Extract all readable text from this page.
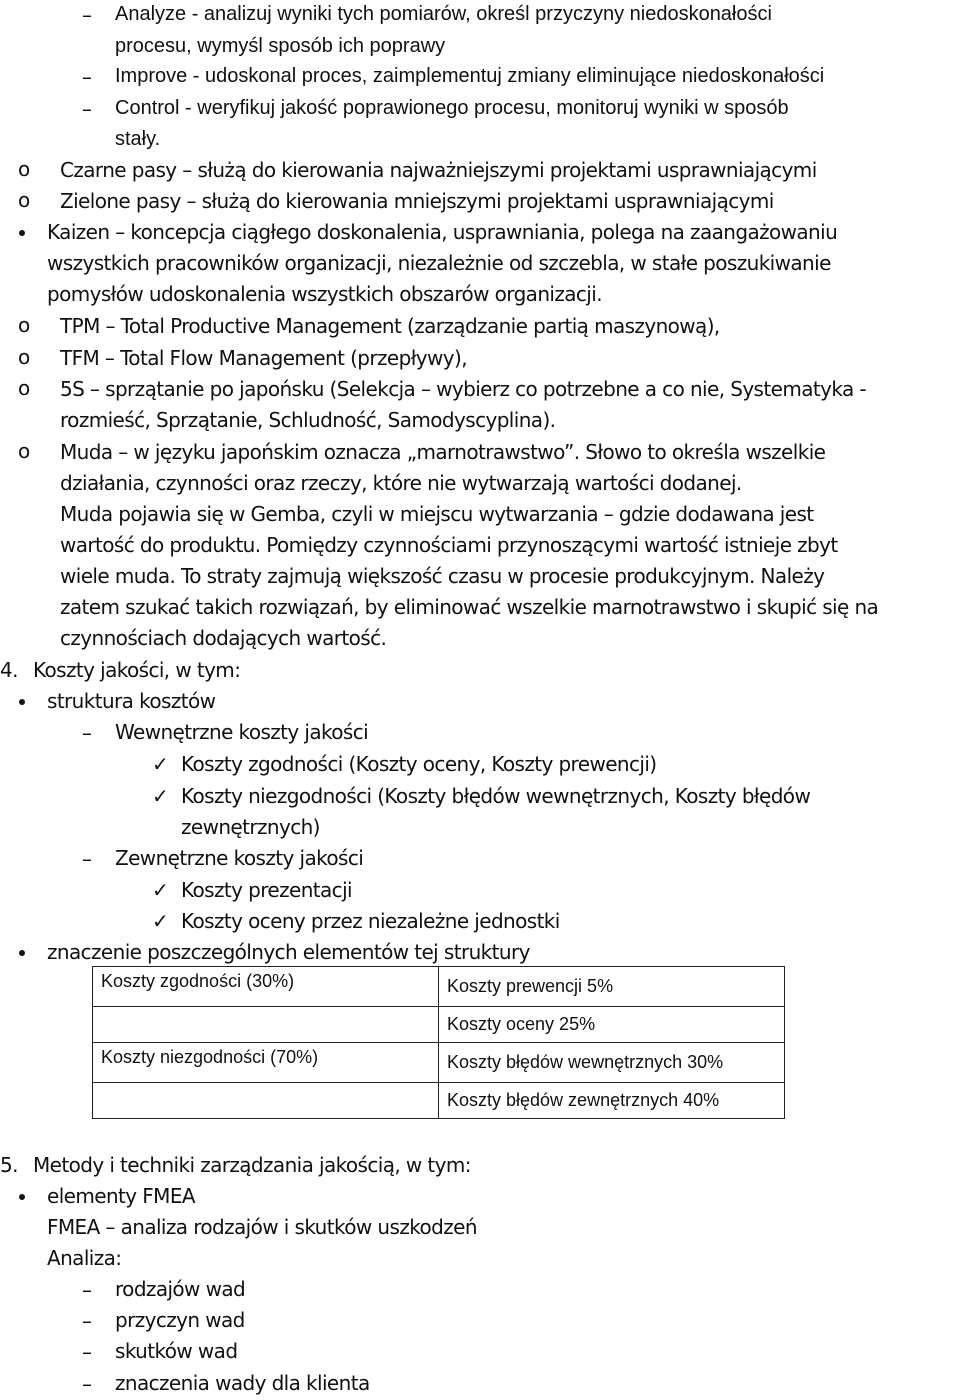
– Analyze - analizuj wyniki tych pomiarów, określ przyczyny niedoskonałości
procesu, wymyśl sposób ich poprawy
– Improve - udoskonal proces, zaimplementuj zmiany eliminujące niedoskonałości
– Control - weryfikuj jakość poprawionego procesu, monitoruj wyniki w sposób
stały.
o Czarne pasy – służą do kierowania najważniejszymi projektami usprawniającymi
o Zielone pasy – służą do kierowania mniejszymi projektami usprawniającymi
Kaizen – koncepcja ciągłego doskonalenia, usprawniania, polega na zaangażowaniu
wszystkich pracowników organizacji, niezależnie od szczebla, w stałe poszukiwanie
pomysłów udoskonalenia wszystkich obszarów organizacji.
o TPM – Total Productive Management (zarządzanie partią maszynową),
o TFM – Total Flow Management (przepływy),
o 5S – sprzątanie po japońsku (Selekcja – wybierz co potrzebne a co nie, Systematyka -
rozmieść, Sprzątanie, Schludność, Samodyscyplina).
o Muda – w języku japońskim oznacza „marnotrawstwo”. Słowo to określa wszelkie
działania, czynności oraz rzeczy, które nie wytwarzają wartości dodanej.
Muda pojawia się w Gemba, czyli w miejscu wytwarzania – gdzie dodawana jest
wartość do produktu. Pomiędzy czynnościami przynoszącymi wartość istnieje zbyt
wiele muda. To straty zajmują większość czasu w procesie produkcyjnym. Należy
zatem szukać takich rozwiązań, by eliminować wszelkie marnotrawstwo i skupić się na
czynnościach dodających wartość.
4. Koszty jakości, w tym:
struktura kosztów
– Wewnętrzne koszty jakości
✓ Koszty zgodności (Koszty oceny, Koszty prewencji)
✓ Koszty niezgodności (Koszty błędów wewnętrznych, Koszty błędów
zewnętrznych)
– Zewnętrzne koszty jakości
✓ Koszty prezentacji
✓ Koszty oceny przez niezależne jednostki
znaczenie poszczególnych elementów tej struktury
Koszty zgodności (30%)	Koszty prewencji 5%
	Koszty oceny 25%
Koszty niezgodności (70%)	Koszty błędów wewnętrznych 30%
	Koszty błędów zewnętrznych 40%
5. Metody i techniki zarządzania jakością, w tym:
elementy FMEA
FMEA – analiza rodzajów i skutków uszkodzeń
Analiza:
– rodzajów wad
– przyczyn wad
– skutków wad
– znaczenia wady dla klienta
